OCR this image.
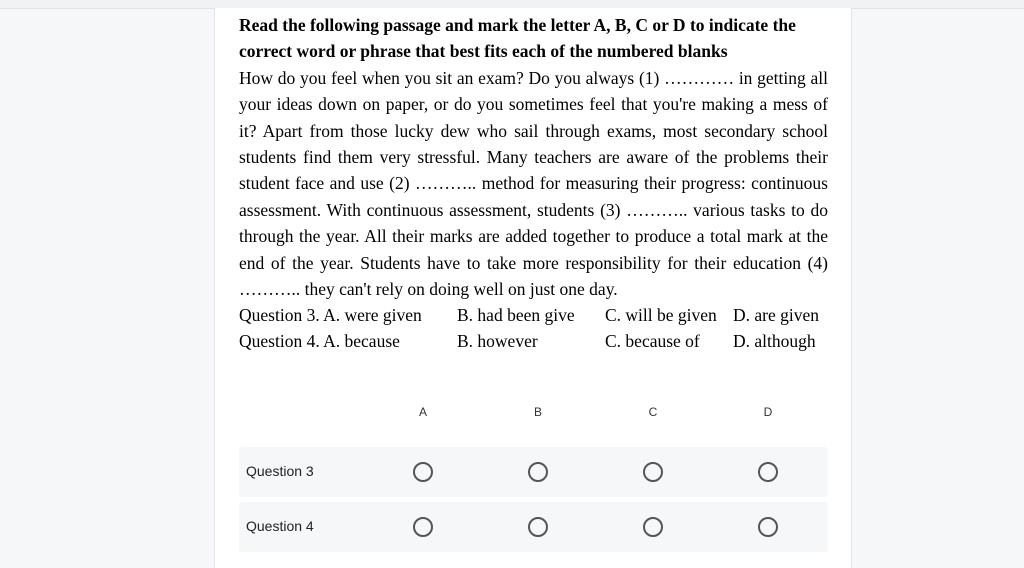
Read the following passage and mark the letter A, B, C or D to indicate the correct word or phrase that best fits each of the numbered blanks

How do you feel when you sit an exam? Do you always (1) ………… in getting all your ideas down on paper, or do you sometimes feel that you're making a mess of it? Apart from those lucky dew who sail through exams, most secondary school students find them very stressful. Many teachers are aware of the problems their student face and use (2) ……….. method for measuring their progress: continuous assessment. With continuous assessment, students (3) ……….. various tasks to do through the year. All their marks are added together to produce a total mark at the end of the year. Students have to take more responsibility for their education (4) ……….. they can't rely on doing well on just one day.

Question 3. A. were given B. had been give C. will be given D. are given
Question 4. A. because	B. however	C. because of D. although
A	B	C	D
Question 3
Question 4
